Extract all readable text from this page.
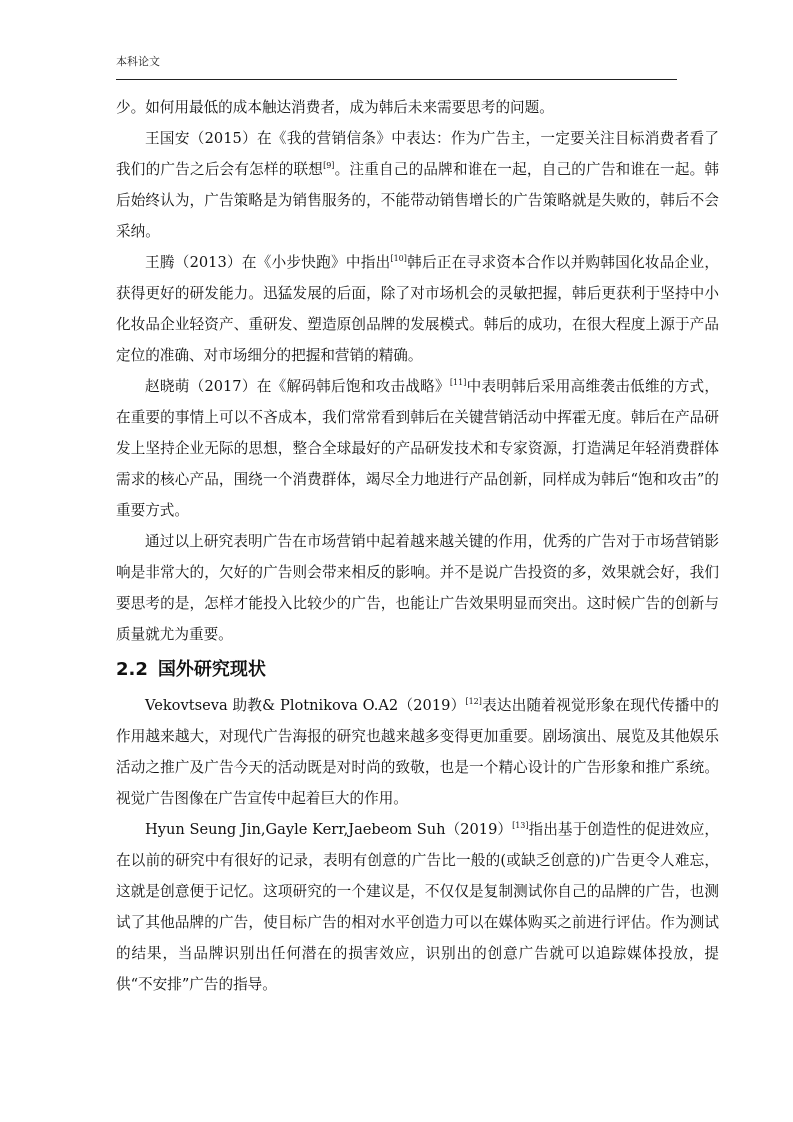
本科论文

少。如何用最低的成本触达消费者，成为韩后未来需要思考的问题。

王国安（2015）在《我的营销信条》中表达：作为广告主，一定要关注目标消费者看了我们的广告之后会有怎样的联想[9]。注重自己的品牌和谁在一起，自己的广告和谁在一起。韩后始终认为，广告策略是为销售服务的，不能带动销售增长的广告策略就是失败的，韩后不会采纳。

王腾（2013）在《小步快跑》中指出[10]韩后正在寻求资本合作以并购韩国化妆品企业，获得更好的研发能力。迅猛发展的后面，除了对市场机会的灵敏把握，韩后更获利于坚持中小化妆品企业轻资产、重研发、塑造原创品牌的发展模式。韩后的成功，在很大程度上源于产品定位的准确、对市场细分的把握和营销的精确。

赵晓萌（2017）在《解码韩后饱和攻击战略》[11]中表明韩后采用高维袭击低维的方式，在重要的事情上可以不吝成本，我们常常看到韩后在关键营销活动中挥霍无度。韩后在产品研发上坚持企业无际的思想，整合全球最好的产品研发技术和专家资源，打造满足年轻消费群体需求的核心产品，围绕一个消费群体，竭尽全力地进行产品创新，同样成为韩后“饱和攻击”的重要方式。

通过以上研究表明广告在市场营销中起着越来越关键的作用，优秀的广告对于市场营销影响是非常大的，欠好的广告则会带来相反的影响。并不是说广告投资的多，效果就会好，我们要思考的是，怎样才能投入比较少的广告，也能让广告效果明显而突出。这时候广告的创新与质量就尤为重要。

2.2 国外研究现状

Vekovtseva 助教& Plotnikova O.A2（2019）[12]表达出随着视觉形象在现代传播中的作用越来越大，对现代广告海报的研究也越来越多变得更加重要。剧场演出、展览及其他娱乐活动之推广及广告今天的活动既是对时尚的致敬，也是一个精心设计的广告形象和推广系统。视觉广告图像在广告宣传中起着巨大的作用。

Hyun Seung Jin,Gayle Kerr,Jaebeom Suh（2019）[13]指出基于创造性的促进效应，在以前的研究中有很好的记录，表明有创意的广告比一般的(或缺乏创意的)广告更令人难忘，这就是创意便于记忆。这项研究的一个建议是，不仅仅是复制测试你自己的品牌的广告，也测试了其他品牌的广告，使目标广告的相对水平创造力可以在媒体购买之前进行评估。作为测试的结果，当品牌识别出任何潜在的损害效应，识别出的创意广告就可以追踪媒体投放，提供“不安排”广告的指导。
